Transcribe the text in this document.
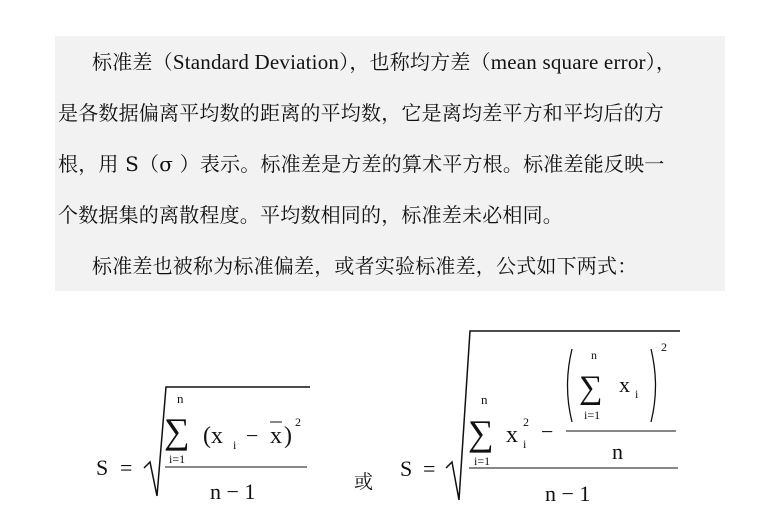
标准差（Standard Deviation），也称均方差（mean square error），
是各数据偏离平均数的距离的平均数，它是离均差平方和平均后的方
根，用 S（σ ）表示。标准差是方差的算术平方根。标准差能反映一
个数据集的离散程度。平均数相同的，标准差未必相同。
标准差也被称为标准偏差，或者实验标准差，公式如下两式：
S =
n
∑
i=1
(x i − x )
2
n − 1	或
S =
n
∑
i=1
x 2
i −
n
∑
i=1
x i
2
n
n − 1
